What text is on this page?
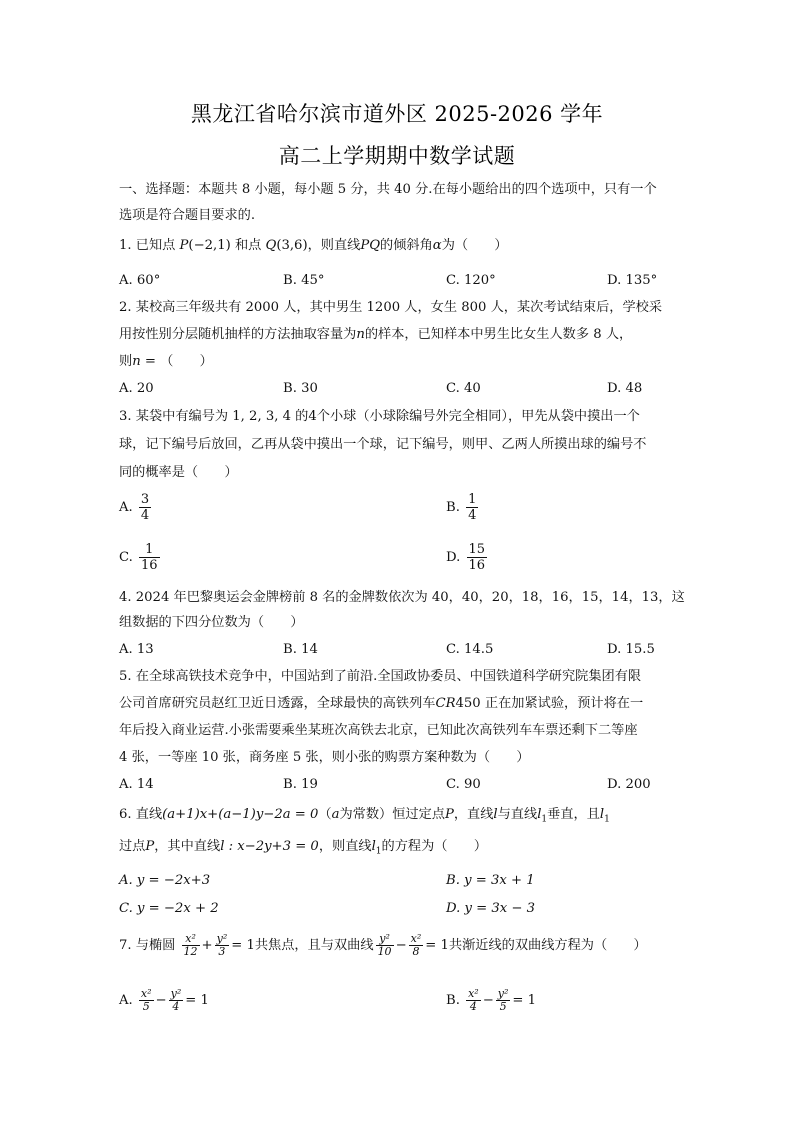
黑龙江省哈尔滨市道外区 2025-2026 学年
高二上学期期中数学试题
一、选择题：本题共 8 小题，每小题 5 分，共 40 分.在每小题给出的四个选项中，只有一个
选项是符合题目要求的.
1. 已知点 P(−2,1) 和点 Q(3,6)，则直线PQ的倾斜角α为（　　）
A. 60°	B. 45°	C. 120°	D. 135°
2. 某校高三年级共有 2000 人，其中男生 1200 人，女生 800 人，某次考试结束后，学校采
用按性别分层随机抽样的方法抽取容量为n的样本，已知样本中男生比女生人数多 8 人，
则n = （　　）
A. 20	B. 30	C. 40	D. 48
3. 某袋中有编号为 1, 2, 3, 4 的4个小球（小球除编号外完全相同），甲先从袋中摸出一个
球，记下编号后放回，乙再从袋中摸出一个球，记下编号，则甲、乙两人所摸出球的编号不
同的概率是（　　）
A. $\frac{3}{4}$	B. $\frac{1}{4}$
C. $\frac{1}{16}$	D. $\frac{15}{16}$
4. 2024 年巴黎奥运会金牌榜前 8 名的金牌数依次为 40，40，20，18，16，15，14，13，这
组数据的下四分位数为（　　）
A. 13	B. 14	C. 14.5	D. 15.5
5. 在全球高铁技术竞争中，中国站到了前沿.全国政协委员、中国铁道科学研究院集团有限
公司首席研究员赵红卫近日透露，全球最快的高铁列车CR450 正在加紧试验，预计将在一
年后投入商业运营.小张需要乘坐某班次高铁去北京，已知此次高铁列车车票还剩下二等座
4 张，一等座 10 张，商务座 5 张，则小张的购票方案种数为（　　）
A. 14	B. 19	C. 90	D. 200
6. 直线(a+1)x+(a−1)y−2a = 0（a为常数）恒过定点P，直线l与直线$l_1$垂直，且$l_1$
过点P，其中直线l : x−2y+3 = 0，则直线$l_1$的方程为（　　）
A. y = −2x+3	B. y = 3x + 1
C. y = −2x + 2	D. y = 3x − 3
7. 与椭圆 $\frac{\text{x²}}{12} + \frac{\text{y²}}{3} = 1$共焦点，且与双曲线 $\frac{\text{y²}}{10} - \frac{\text{x²}}{8} = 1$共渐近线的双曲线方程为（　　）
A. $\frac{\text{x²}}{5} - \frac{\text{y²}}{4} = 1$	B. $\frac{\text{x²}}{4} - \frac{\text{y²}}{5} = 1$
